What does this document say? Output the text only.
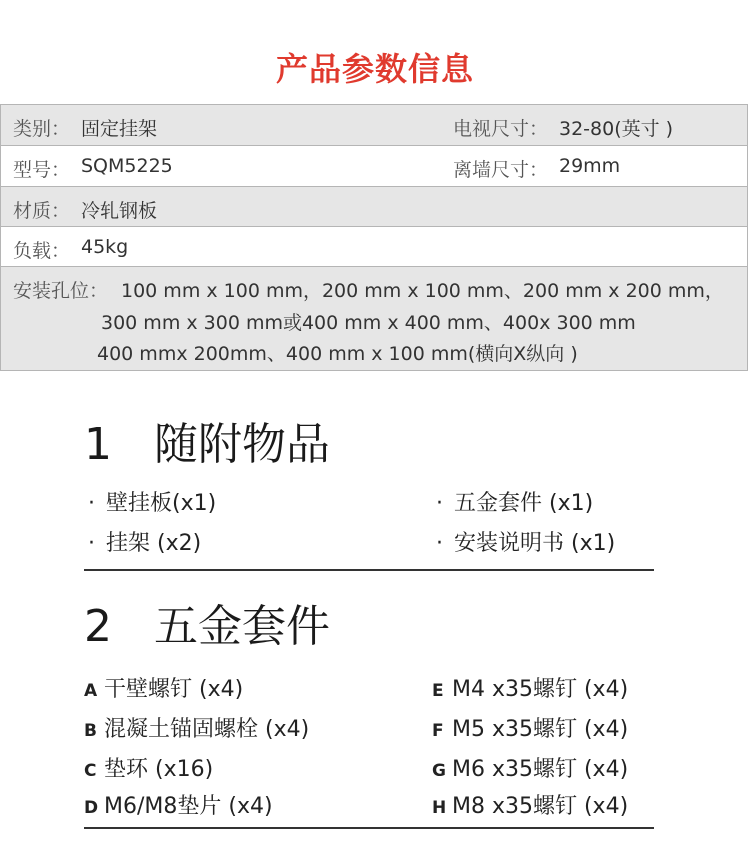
产品参数信息
类别： 固定挂架	电视尺寸： 32-80(英寸 )
型号： SQM5225	离墙尺寸： 29mm
材质： 冷轧钢板
负载： 45kg
安装孔位： 100 mm x 100 mm，200 mm x 100 mm、200 mm x 200 mm，
300 mm x 300 mm或400 mm x 400 mm、400x 300 mm
400 mmx 200mm、400 mm x 100 mm(横向X纵向 )
1 随附物品
· 壁挂板(x1)	· 五金套件 (x1)
· 挂架 (x2)	· 安装说明书 (x1)
2 五金套件
A 干壁螺钉 (x4)	E M4 x35螺钉 (x4)
B 混凝土锚固螺栓 (x4)	F M5 x35螺钉 (x4)
C 垫环 (x16)	G M6 x35螺钉 (x4)
D M6/M8垫片 (x4)	H M8 x35螺钉 (x4)
